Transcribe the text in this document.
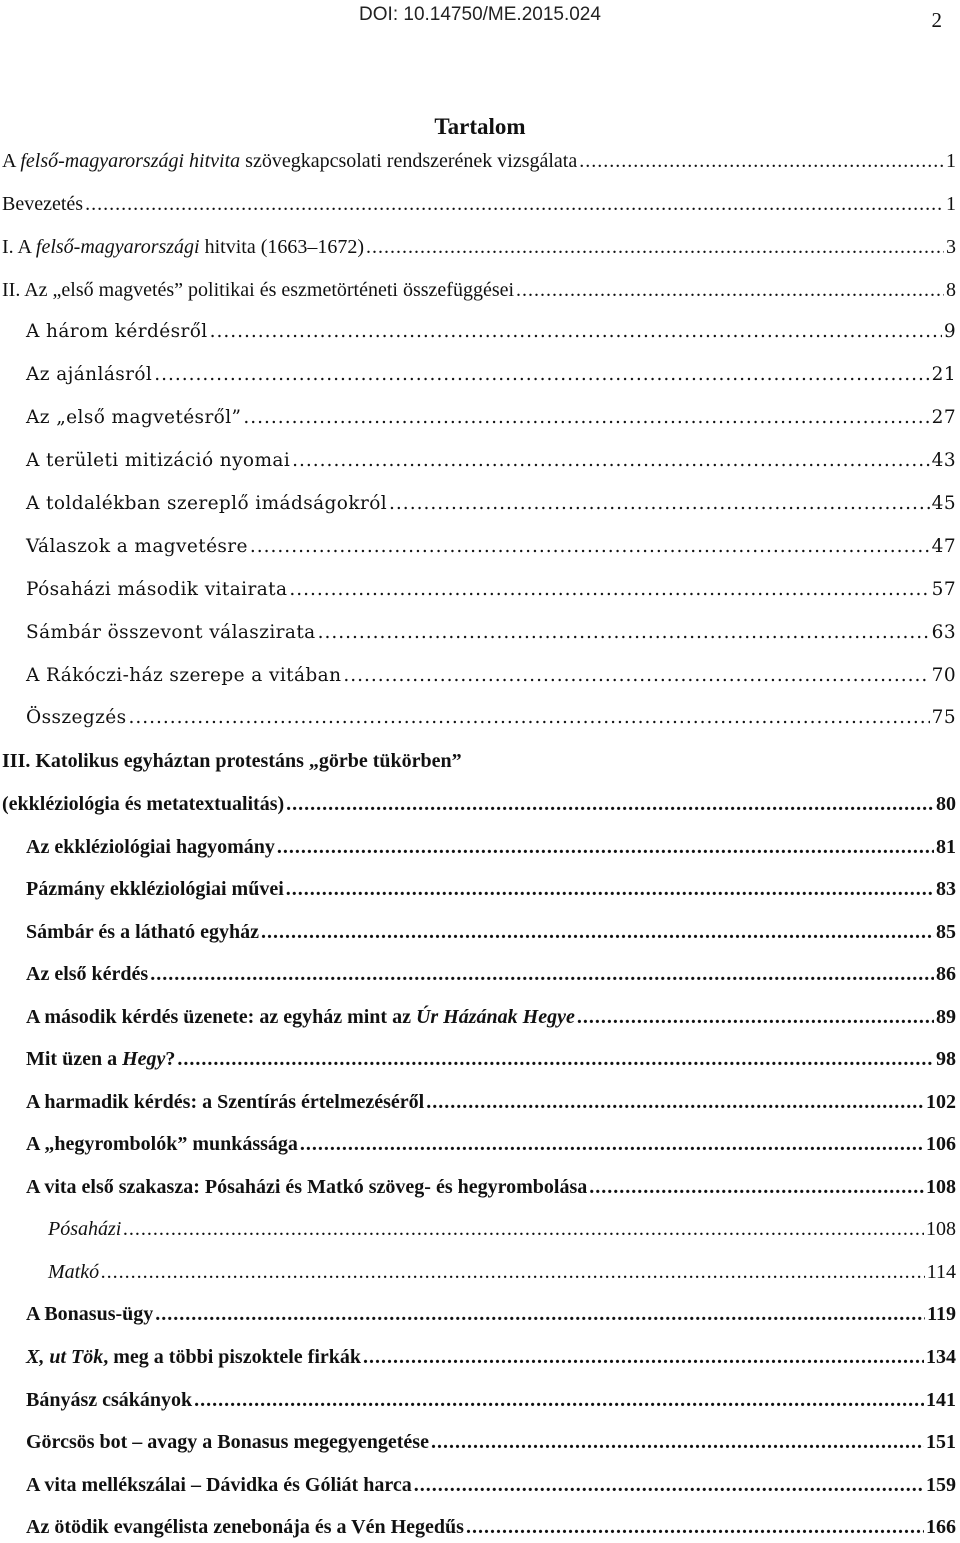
DOI: 10.14750/ME.2015.024	2
Tartalom
A felső-magyarországi hitvita szövegkapcsolati rendszerének vizsgálata .....	1
Bevezetés .....	1
I. A felső-magyarországi hitvita (1663–1672) .....	3
II. Az „első magvetés” politikai és eszmetörténeti összefüggései .....	8
A három kérdésről .....	9
Az ajánlásról .....	21
Az „első magvetésről” .....	27
A területi mitizáció nyomai .....	43
A toldalékban szereplő imádságokról .....	45
Válaszok a magvetésre .....	47
Pósaházi második vitairata .....	57
Sámbár összevont válaszirata .....	63
A Rákóczi-ház szerepe a vitában .....	70
Összegzés .....	75
III. Katolikus egyháztan protestáns „görbe tükörben”
(ekkléziológia és metatextualitás) .....	80
Az ekkléziológiai hagyomány .....	81
Pázmány ekkléziológiai művei .....	83
Sámbár és a látható egyház .....	85
Az első kérdés .....	86
A második kérdés üzenete: az egyház mint az Úr Házának Hegye .....	89
Mit üzen a Hegy? .....	98
A harmadik kérdés: a Szentírás értelmezéséről .....	102
A „hegyrombolók” munkássága .....	106
A vita első szakasza: Pósaházi és Matkó szöveg- és hegyrombolása .....	108
Pósaházi .....	108
Matkó .....	114
A Bonasus-ügy .....	119
X, ut Tök, meg a többi piszoktele firkák .....	134
Bányász csákányok .....	141
Görcsös bot – avagy a Bonasus megegyengetése .....	151
A vita mellékszálai – Dávidka és Góliát harca .....	159
Az ötödik evangélista zenebonája és a Vén Hegedűs .....	166
